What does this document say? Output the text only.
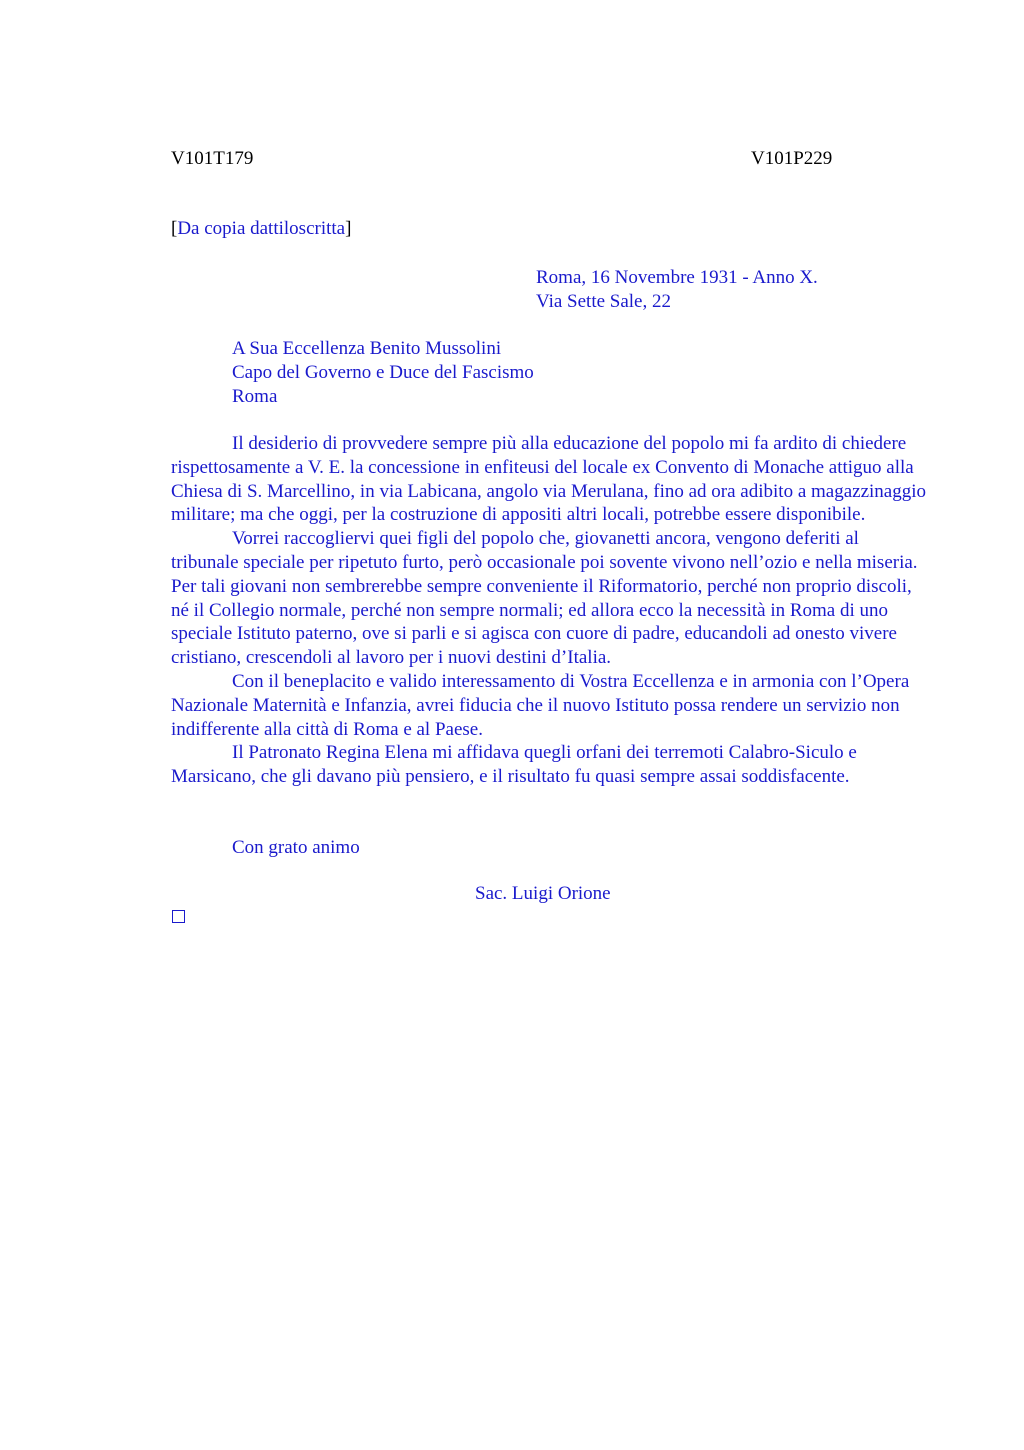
V101T179	V101P229
[Da copia dattiloscritta]
Roma, 16 Novembre 1931 - Anno X.
Via Sette Sale, 22
A Sua Eccellenza Benito Mussolini
Capo del Governo e Duce del Fascismo
Roma

Il desiderio di provvedere sempre più alla educazione del popolo mi fa ardito di chiedere rispettosamente a V. E. la concessione in enfiteusi del locale ex Convento di Monache attiguo alla Chiesa di S. Marcellino, in via Labicana, angolo via Merulana, fino ad ora adibito a magazzinaggio militare; ma che oggi, per la costruzione di appositi altri locali, potrebbe essere disponibile.

Vorrei raccogliervi quei figli del popolo che, giovanetti ancora, vengono deferiti al tribunale speciale per ripetuto furto, però occasionale poi sovente vivono nell’ozio e nella miseria. Per tali giovani non sembrerebbe sempre conveniente il Riformatorio, perché non proprio discoli, né il Collegio normale, perché non sempre normali; ed allora ecco la necessità in Roma di uno speciale Istituto paterno, ove si parli e si agisca con cuore di padre, educandoli ad onesto vivere cristiano, crescendoli al lavoro per i nuovi destini d’Italia.

Con il beneplacito e valido interessamento di Vostra Eccellenza e in armonia con l’Opera Nazionale Maternità e Infanzia, avrei fiducia che il nuovo Istituto possa rendere un servizio non indifferente alla città di Roma e al Paese.

Il Patronato Regina Elena mi affidava quegli orfani dei terremoti Calabro-Siculo e Marsicano, che gli davano più pensiero, e il risultato fu quasi sempre assai soddisfacente.

Con grato animo
Sac. Luigi Orione
